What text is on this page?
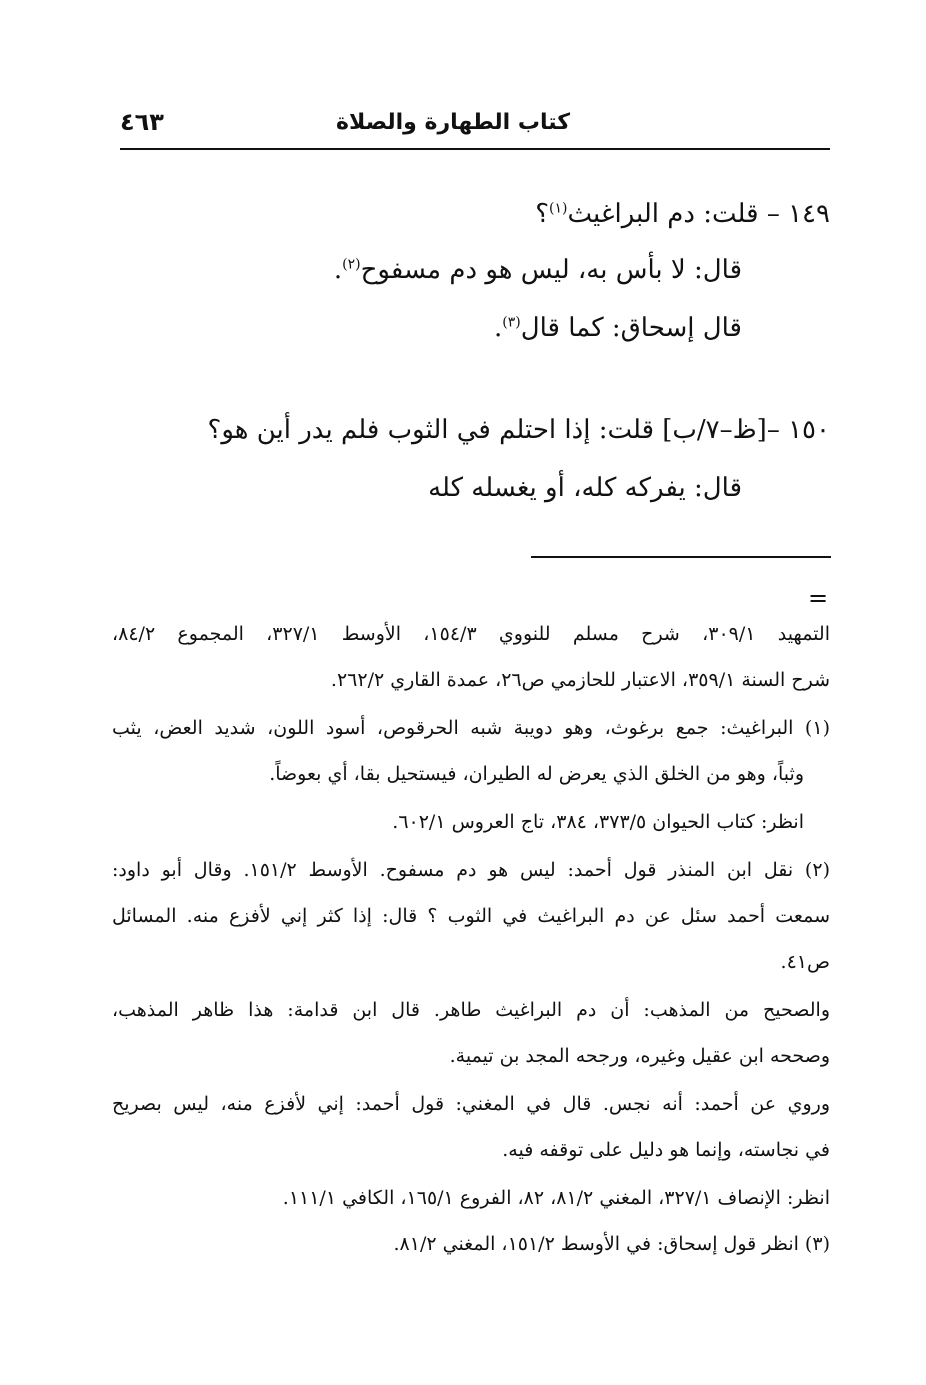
٤٦٣	كتاب الطهارة والصلاة
١٤٩ – قلت: دم البراغيث$^{(١)}$؟
قال: لا بأس به، ليس هو دم مسفوح$^{(٢)}$.
قال إسحاق: كما قال$^{(٣)}$.
١٥٠ –[ظ–٧/ب] قلت: إذا احتلم في الثوب فلم يدر أين هو؟
قال: يفركه كله، أو يغسله كله
=
التمهيد ٣٠٩/١، شرح مسلم للنووي ١٥٤/٣، الأوسط ٣٢٧/١، المجموع ٨٤/٢،
شرح السنة ٣٥٩/١، الاعتبار للحازمي ص٢٦، عمدة القاري ٢٦٢/٢.
(١) البراغيث: جمع برغوث، وهو دويبة شبه الحرقوص، أسود اللون، شديد العض، يثب
وثباً، وهو من الخلق الذي يعرض له الطيران، فيستحيل بقا، أي بعوضاً.
انظر: كتاب الحيوان ٣٧٣/٥، ٣٨٤، تاج العروس ٦٠٢/١.
(٢) نقل ابن المنذر قول أحمد: ليس هو دم مسفوح. الأوسط ١٥١/٢. وقال أبو داود:
سمعت أحمد سئل عن دم البراغيث في الثوب ؟ قال: إذا كثر إني لأفزع منه. المسائل
ص٤١.
والصحيح من المذهب: أن دم البراغيث طاهر. قال ابن قدامة: هذا ظاهر المذهب،
وصححه ابن عقيل وغيره، ورجحه المجد بن تيمية.
وروي عن أحمد: أنه نجس. قال في المغني: قول أحمد: إني لأفزع منه، ليس بصريح
في نجاسته، وإنما هو دليل على توقفه فيه.
انظر: الإنصاف ٣٢٧/١، المغني ٨١/٢، ٨٢، الفروع ١٦٥/١، الكافي ١١١/١.
(٣) انظر قول إسحاق: في الأوسط ١٥١/٢، المغني ٨١/٢.
